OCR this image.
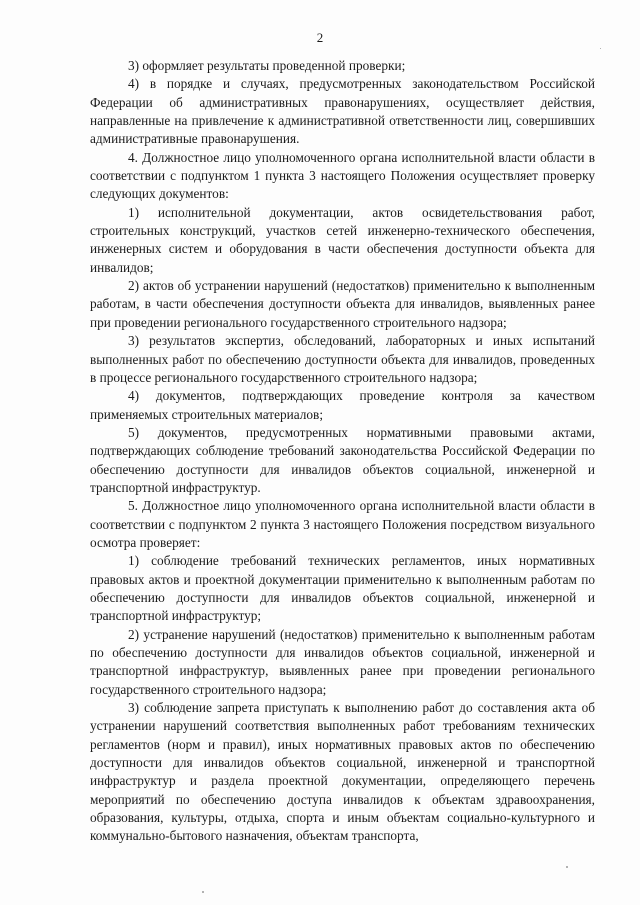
2

3) оформляет результаты проведенной проверки;

4) в порядке и случаях, предусмотренных законодательством Российской Федерации об административных правонарушениях, осуществляет действия, направленные на привлечение к административной ответственности лиц, совершивших административные правонарушения.

4. Должностное лицо уполномоченного органа исполнительной власти области в соответствии с подпунктом 1 пункта 3 настоящего Положения осуществляет проверку следующих документов:

1) исполнительной документации, актов освидетельствования работ, строительных конструкций, участков сетей инженерно-технического обеспечения, инженерных систем и оборудования в части обеспечения доступности объекта для инвалидов;

2) актов об устранении нарушений (недостатков) применительно к выполненным работам, в части обеспечения доступности объекта для инвалидов, выявленных ранее при проведении регионального государственного строительного надзора;

3) результатов экспертиз, обследований, лабораторных и иных испытаний выполненных работ по обеспечению доступности объекта для инвалидов, проведенных в процессе регионального государственного строительного надзора;

4) документов, подтверждающих проведение контроля за качеством применяемых строительных материалов;

5) документов, предусмотренных нормативными правовыми актами, подтверждающих соблюдение требований законодательства Российской Федерации по обеспечению доступности для инвалидов объектов социальной, инженерной и транспортной инфраструктур.

5. Должностное лицо уполномоченного органа исполнительной власти области в соответствии с подпунктом 2 пункта 3 настоящего Положения посредством визуального осмотра проверяет:

1) соблюдение требований технических регламентов, иных нормативных правовых актов и проектной документации применительно к выполненным работам по обеспечению доступности для инвалидов объектов социальной, инженерной и транспортной инфраструктур;

2) устранение нарушений (недостатков) применительно к выполненным работам по обеспечению доступности для инвалидов объектов социальной, инженерной и транспортной инфраструктур, выявленных ранее при проведении регионального государственного строительного надзора;

3) соблюдение запрета приступать к выполнению работ до составления акта об устранении нарушений соответствия выполненных работ требованиям технических регламентов (норм и правил), иных нормативных правовых актов по обеспечению доступности для инвалидов объектов социальной, инженерной и транспортной инфраструктур и раздела проектной документации, определяющего перечень мероприятий по обеспечению доступа инвалидов к объектам здравоохранения, образования, культуры, отдыха, спорта и иным объектам социально-культурного и коммунально-бытового назначения, объектам транспорта,
